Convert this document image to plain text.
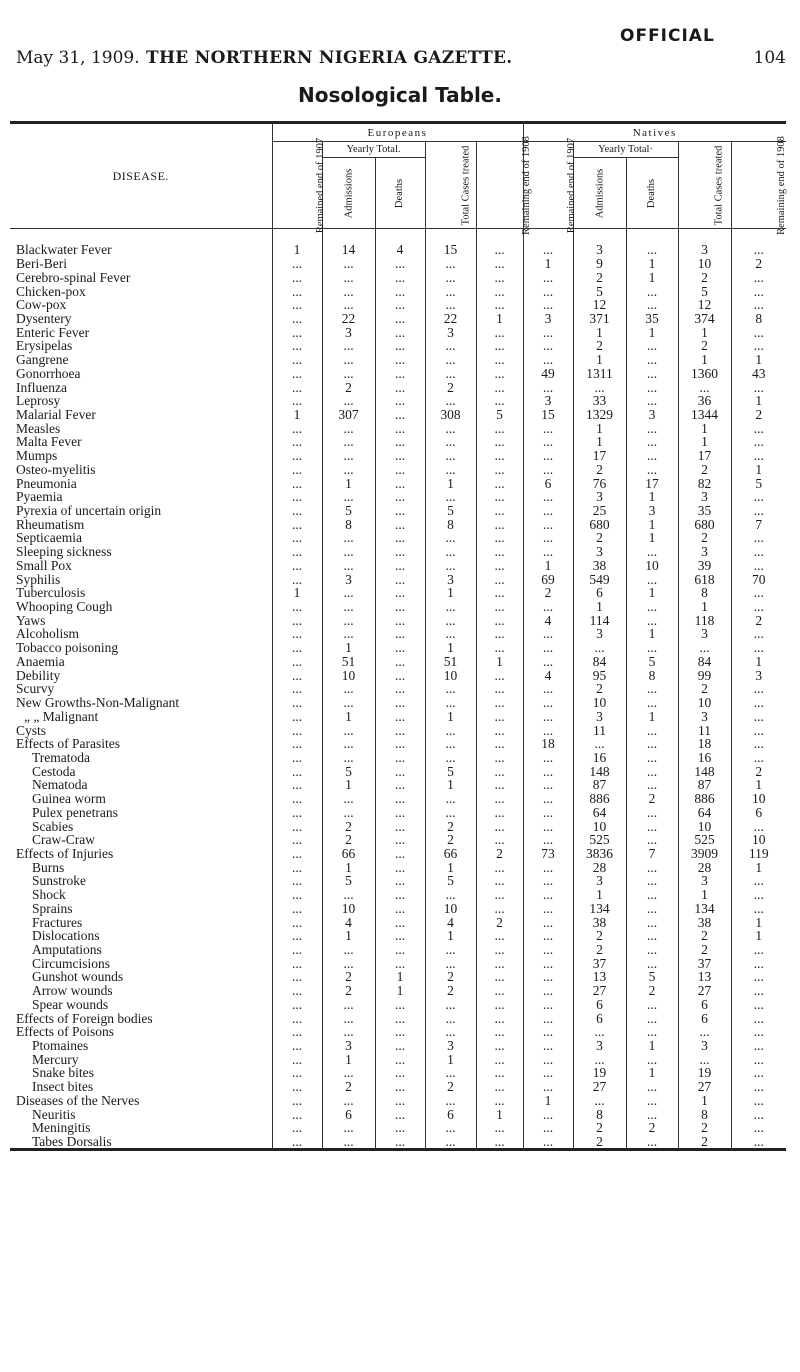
OFFICIAL
May 31, 1909. THE NORTHERN NIGERIA GAZETTE.	104
Nosological Table.
DISEASE.	Europeans					Natives				
	Remained end of 1907	Yearly Total.		Total Cases treated	Remaining end of 1908	Remained end of 1907	Yearly Total·		Total Cases treated	Remaining end of 1908
		Admissions	Deaths				Admissions	Deaths		

Blackwater Fever	1	14	4	15	...	...	3	...	3	...
Beri-Beri	...	...	...	...	...	1	9	1	10	2
Cerebro-spinal Fever	...	...	...	...	...	...	2	1	2	...
Chicken-pox	...	...	...	...	...	...	5	...	5	...
Cow-pox	...	...	...	...	...	...	12	...	12	...
Dysentery	...	22	...	22	1	3	371	35	374	8
Enteric Fever	...	3	...	3	...	...	1	1	1	...
Erysipelas	...	...	...	...	...	...	2	...	2	...
Gangrene	...	...	...	...	...	...	1	...	1	1
Gonorrhoea	...	...	...	...	...	49	1311	...	1360	43
Influenza	...	2	...	2	...	...	...	...	...	...
Leprosy	...	...	...	...	...	3	33	...	36	1
Malarial Fever	1	307	...	308	5	15	1329	3	1344	2
Measles	...	...	...	...	...	...	1	...	1	...
Malta Fever	...	...	...	...	...	...	1	...	1	...
Mumps	...	...	...	...	...	...	17	...	17	...
Osteo-myelitis	...	...	...	...	...	...	2	...	2	1
Pneumonia	...	1	...	1	...	6	76	17	82	5
Pyaemia	...	...	...	...	...	...	3	1	3	...
Pyrexia of uncertain origin	...	5	...	5	...	...	25	3	35	...
Rheumatism	...	8	...	8	...	...	680	1	680	7
Septicaemia	...	...	...	...	...	...	2	1	2	...
Sleeping sickness	...	...	...	...	...	...	3	...	3	...
Small Pox	...	...	...	...	...	1	38	10	39	...
Syphilis	...	3	...	3	...	69	549	...	618	70
Tuberculosis	1	...	...	1	...	2	6	1	8	...
Whooping Cough	...	...	...	...	...	...	1	...	1	...
Yaws	...	...	...	...	...	4	114	...	118	2
Alcoholism	...	...	...	...	...	...	3	1	3	...
Tobacco poisoning	...	1	...	1	...	...	...	...	...	...
Anaemia	...	51	...	51	1	...	84	5	84	1
Debility	...	10	...	10	...	4	95	8	99	3
Scurvy	...	...	...	...	...	...	2	...	2	...
New Growths-Non-Malignant	...	...	...	...	...	...	10	...	10	...
„ „ Malignant	...	1	...	1	...	...	3	1	3	...
Cysts	...	...	...	...	...	...	11	...	11	...
Effects of Parasites	...	...	...	...	...	18	...	...	18	...
Trematoda	...	...	...	...	...	...	16	...	16	...
Cestoda	...	5	...	5	...	...	148	...	148	2
Nematoda	...	1	...	1	...	...	87	...	87	1
Guinea worm	...	...	...	...	...	...	886	2	886	10
Pulex penetrans	...	...	...	...	...	...	64	...	64	6
Scabies	...	2	...	2	...	...	10	...	10	...
Craw-Craw	...	2	...	2	...	...	525	...	525	10
Effects of Injuries	...	66	...	66	2	73	3836	7	3909	119
Burns	...	1	...	1	...	...	28	...	28	1
Sunstroke	...	5	...	5	...	...	3	...	3	...
Shock	...	...	...	...	...	...	1	...	1	...
Sprains	...	10	...	10	...	...	134	...	134	...
Fractures	...	4	...	4	2	...	38	...	38	1
Dislocations	...	1	...	1	...	...	2	...	2	1
Amputations	...	...	...	...	...	...	2	...	2	...
Circumcisions	...	...	...	...	...	...	37	...	37	...
Gunshot wounds	...	2	1	2	...	...	13	5	13	...
Arrow wounds	...	2	1	2	...	...	27	2	27	...
Spear wounds	...	...	...	...	...	...	6	...	6	...
Effects of Foreign bodies	...	...	...	...	...	...	6	...	6	...
Effects of Poisons	...	...	...	...	...	...	...	...	...	...
Ptomaines	...	3	...	3	...	...	3	1	3	...
Mercury	...	1	...	1	...	...	...	...	...	...
Snake bites	...	...	...	...	...	...	19	1	19	...
Insect bites	...	2	...	2	...	...	27	...	27	...
Diseases of the Nerves	...	...	...	...	...	1	...	...	1	...
Neuritis	...	6	...	6	1	...	8	...	8	...
Meningitis	...	...	...	...	...	...	2	2	2	...
Tabes Dorsalis	...	...	...	...	...	...	2	...	2	...
